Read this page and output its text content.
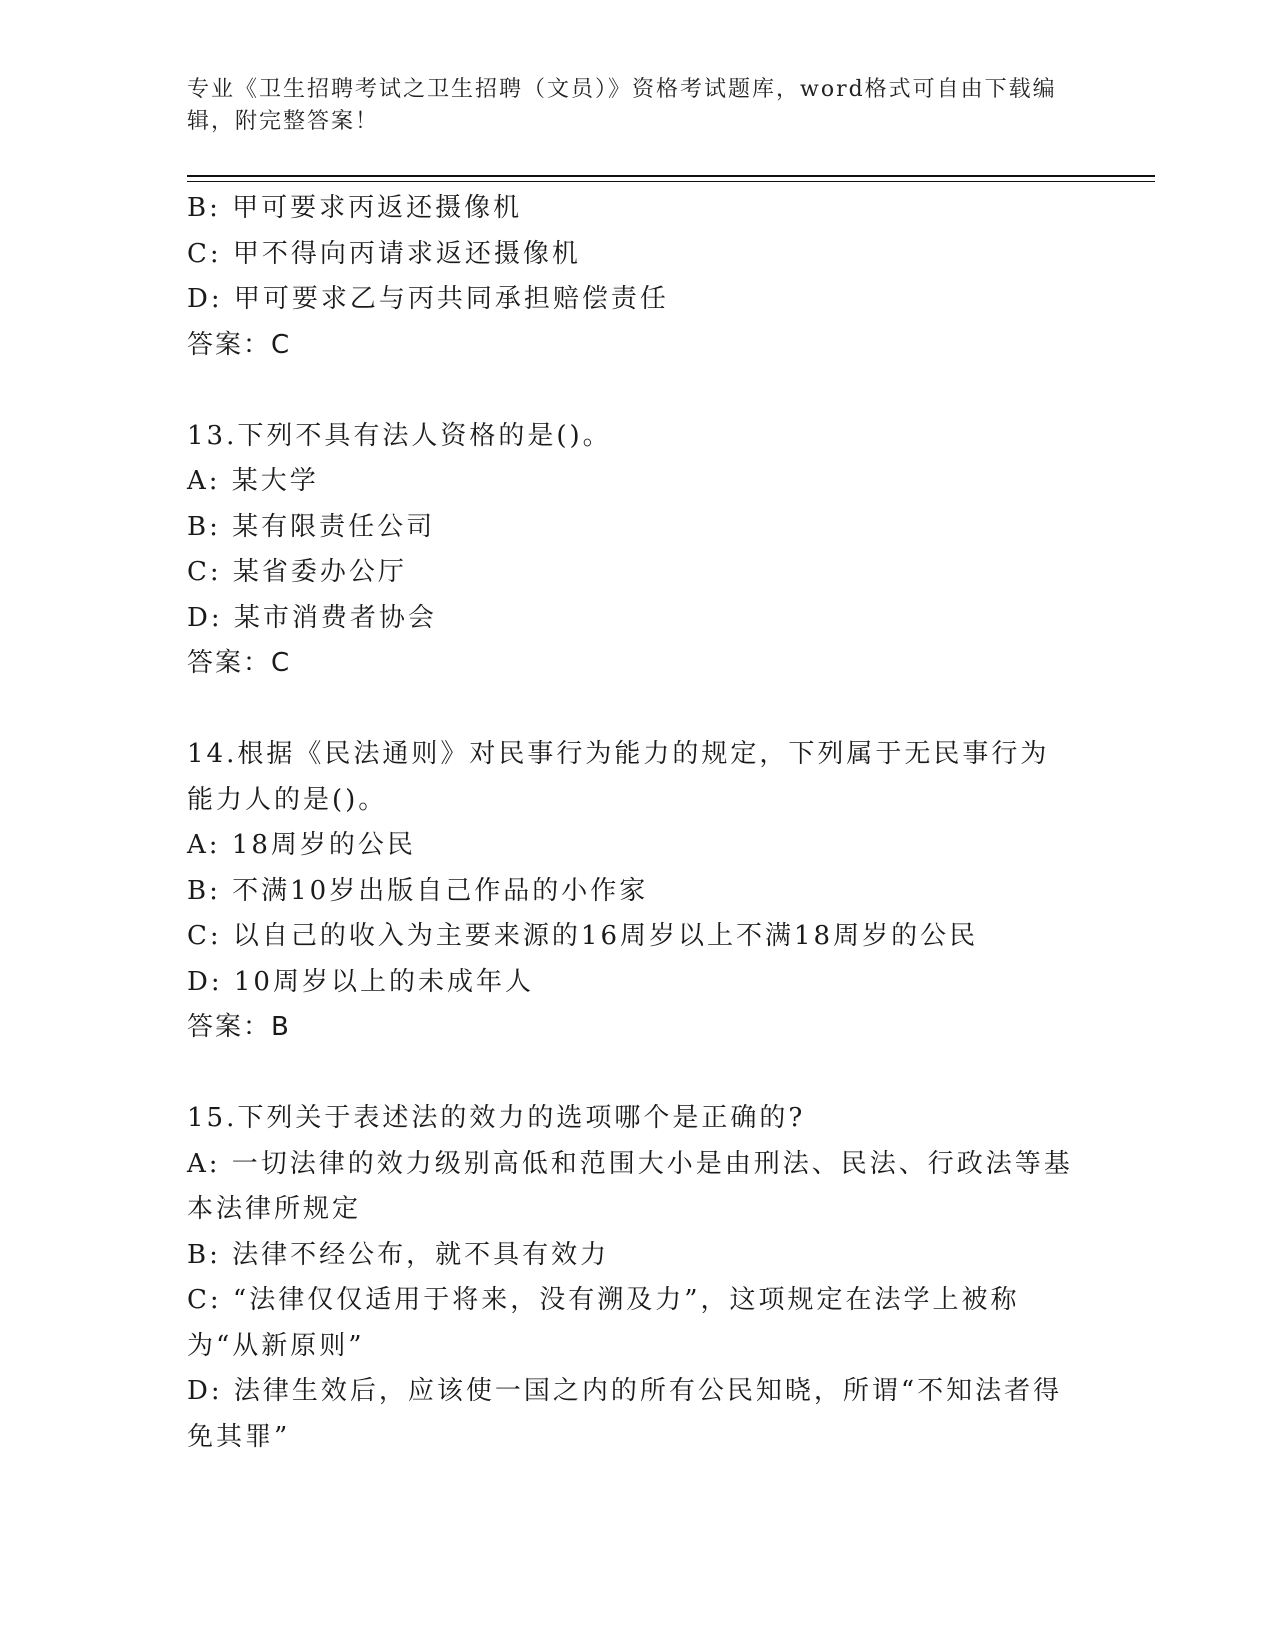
专业《卫生招聘考试之卫生招聘（文员）》资格考试题库，word格式可自由下载编辑，附完整答案！

B: 甲可要求丙返还摄像机

C: 甲不得向丙请求返还摄像机

D: 甲可要求乙与丙共同承担赔偿责任

答案：C

13.下列不具有法人资格的是()。

A: 某大学

B: 某有限责任公司

C: 某省委办公厅

D: 某市消费者协会

答案：C

14.根据《民法通则》对民事行为能力的规定，下列属于无民事行为能力人的是()。

A: 18周岁的公民

B: 不满10岁出版自己作品的小作家

C: 以自己的收入为主要来源的16周岁以上不满18周岁的公民

D: 10周岁以上的未成年人

答案：B

15.下列关于表述法的效力的选项哪个是正确的?

A: 一切法律的效力级别高低和范围大小是由刑法、民法、行政法等基本法律所规定

B: 法律不经公布，就不具有效力

C: “法律仅仅适用于将来，没有溯及力”，这项规定在法学上被称为“从新原则”

D: 法律生效后，应该使一国之内的所有公民知晓，所谓“不知法者得免其罪”
